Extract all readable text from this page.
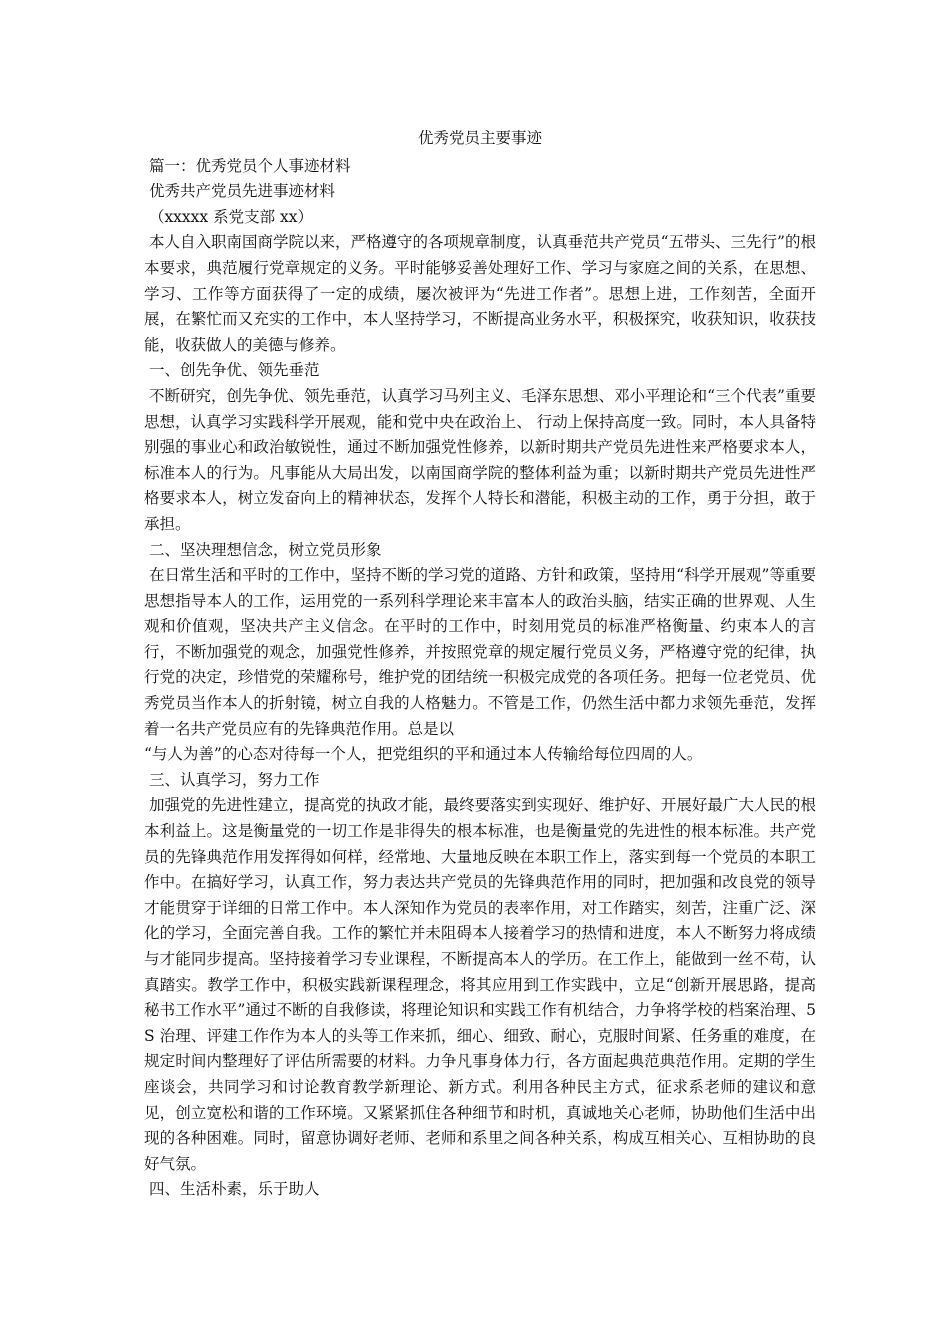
优秀党员主要事迹

篇一：优秀党员个人事迹材料

优秀共产党员先进事迹材料

（xxxxx 系党支部 xx）

本人自入职南国商学院以来，严格遵守的各项规章制度，认真垂范共产党员“五带头、三先行”的根本要求，典范履行党章规定的义务。平时能够妥善处理好工作、学习与家庭之间的关系，在思想、学习、工作等方面获得了一定的成绩，屡次被评为“先进工作者”。思想上进，工作刻苦，全面开展，在繁忙而又充实的工作中，本人坚持学习，不断提高业务水平，积极探究，收获知识，收获技能，收获做人的美德与修养。

一、创先争优、领先垂范

不断研究，创先争优、领先垂范，认真学习马列主义、毛泽东思想、邓小平理论和“三个代表”重要思想，认真学习实践科学开展观，能和党中央在政治上、 行动上保持高度一致。同时，本人具备特别强的事业心和政治敏锐性，通过不断加强党性修养，以新时期共产党员先进性来严格要求本人，标准本人的行为。凡事能从大局出发，以南国商学院的整体利益为重；以新时期共产党员先进性严格要求本人，树立发奋向上的精神状态，发挥个人特长和潜能，积极主动的工作，勇于分担，敢于承担。

二、坚决理想信念，树立党员形象

在日常生活和平时的工作中，坚持不断的学习党的道路、方针和政策，坚持用“科学开展观”等重要思想指导本人的工作，运用党的一系列科学理论来丰富本人的政治头脑，结实正确的世界观、人生观和价值观，坚决共产主义信念。在平时的工作中，时刻用党员的标准严格衡量、约束本人的言行，不断加强党的观念，加强党性修养，并按照党章的规定履行党员义务，严格遵守党的纪律，执行党的决定，珍惜党的荣耀称号，维护党的团结统一积极完成党的各项任务。把每一位老党员、优秀党员当作本人的折射镜，树立自我的人格魅力。不管是工作，仍然生活中都力求领先垂范，发挥着一名共产党员应有的先锋典范作用。总是以

“与人为善”的心态对待每一个人，把党组织的平和通过本人传输给每位四周的人。

三、认真学习，努力工作

加强党的先进性建立，提高党的执政才能，最终要落实到实现好、维护好、开展好最广大人民的根本利益上。这是衡量党的一切工作是非得失的根本标准，也是衡量党的先进性的根本标准。共产党员的先锋典范作用发挥得如何样，经常地、大量地反映在本职工作上，落实到每一个党员的本职工作中。在搞好学习，认真工作，努力表达共产党员的先锋典范作用的同时，把加强和改良党的领导才能贯穿于详细的日常工作中。本人深知作为党员的表率作用，对工作踏实，刻苦，注重广泛、深化的学习，全面完善自我。工作的繁忙并未阻碍本人接着学习的热情和进度，本人不断努力将成绩与才能同步提高。坚持接着学习专业课程，不断提高本人的学历。在工作上，能做到一丝不苟，认真踏实。教学工作中，积极实践新课程理念，将其应用到工作实践中，立足“创新开展思路，提高秘书工作水平”通过不断的自我修读，将理论知识和实践工作有机结合，力争将学校的档案治理、5S 治理、评建工作作为本人的头等工作来抓，细心、细致、耐心，克服时间紧、任务重的难度，在规定时间内整理好了评估所需要的材料。力争凡事身体力行，各方面起典范典范作用。定期的学生座谈会，共同学习和讨论教育教学新理论、新方式。利用各种民主方式，征求系老师的建议和意见，创立宽松和谐的工作环境。又紧紧抓住各种细节和时机，真诚地关心老师，协助他们生活中出现的各种困难。同时，留意协调好老师、老师和系里之间各种关系，构成互相关心、互相协助的良好气氛。

四、生活朴素，乐于助人
